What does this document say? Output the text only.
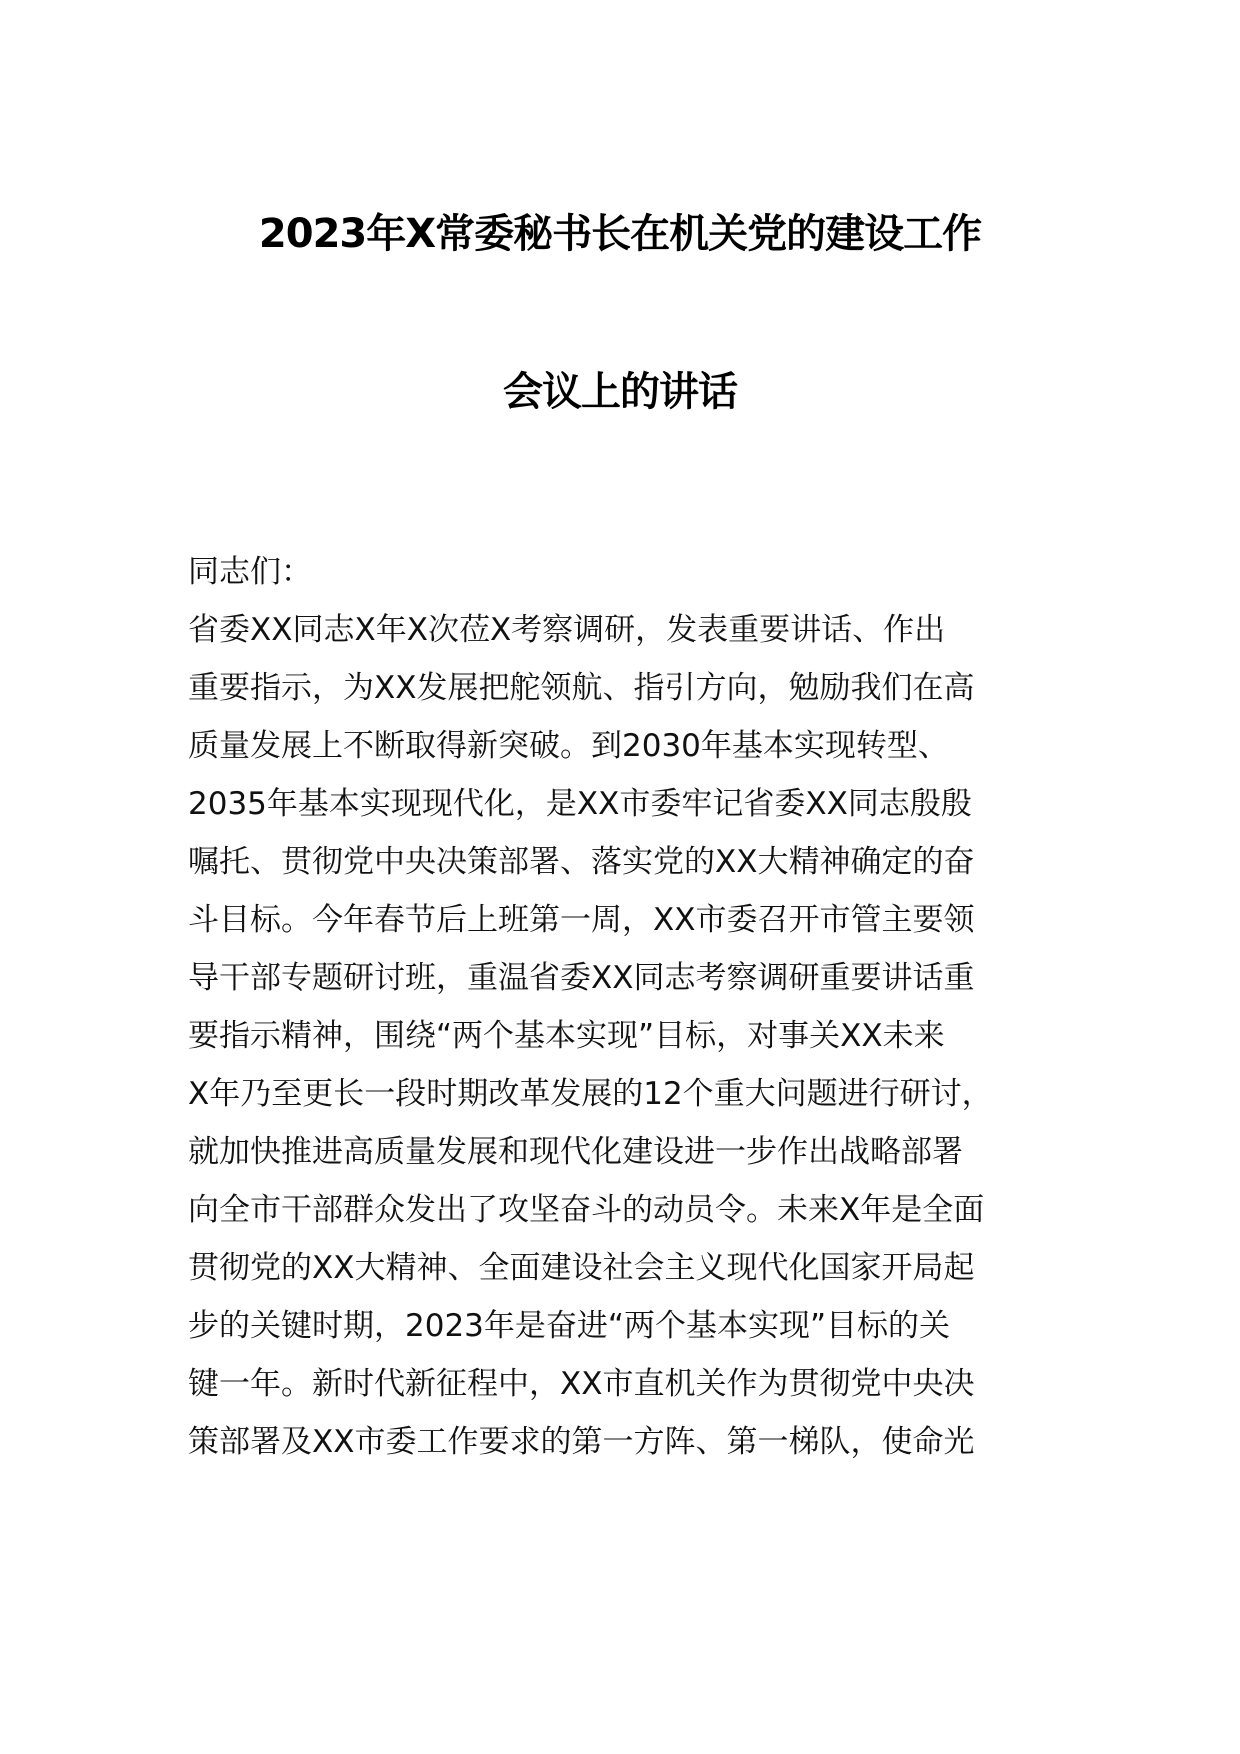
2023年X常委秘书长在机关党的建设工作
会议上的讲话
同志们：
省委XX同志X年X次莅X考察调研，发表重要讲话、作出
重要指示，为XX发展把舵领航、指引方向，勉励我们在高
质量发展上不断取得新突破。到2030年基本实现转型、
2035年基本实现现代化，是XX市委牢记省委XX同志殷殷
嘱托、贯彻党中央决策部署、落实党的XX大精神确定的奋
斗目标。今年春节后上班第一周，XX市委召开市管主要领
导干部专题研讨班，重温省委XX同志考察调研重要讲话重
要指示精神，围绕“两个基本实现”目标，对事关XX未来
X年乃至更长一段时期改革发展的12个重大问题进行研讨，
就加快推进高质量发展和现代化建设进一步作出战略部署
向全市干部群众发出了攻坚奋斗的动员令。未来X年是全面
贯彻党的XX大精神、全面建设社会主义现代化国家开局起
步的关键时期，2023年是奋进“两个基本实现”目标的关
键一年。新时代新征程中，XX市直机关作为贯彻党中央决
策部署及XX市委工作要求的第一方阵、第一梯队，使命光
